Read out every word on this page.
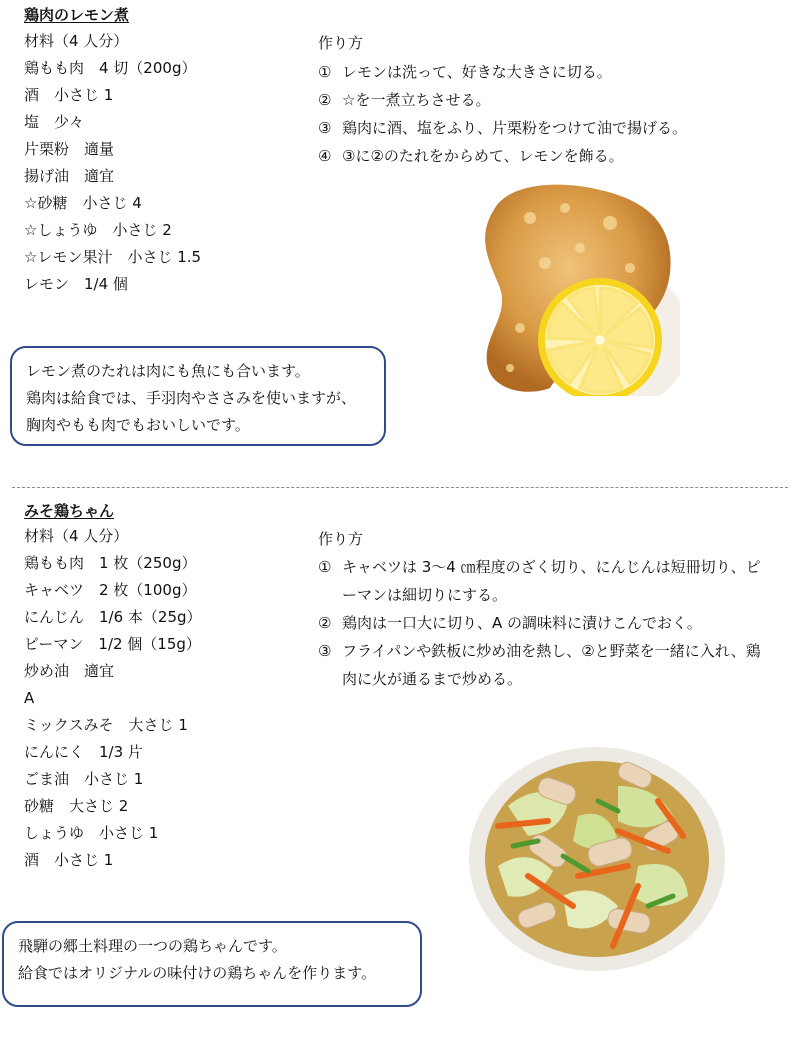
鶏肉のレモン煮
材料（4 人分）
鶏もも肉　4 切（200g）
酒　小さじ 1
塩　少々
片栗粉　適量
揚げ油　適宜
☆砂糖　小さじ 4
☆しょうゆ　小さじ 2
☆レモン果汁　小さじ 1.5
レモン　1/4 個
作り方
① レモンは洗って、好きな大きさに切る。
② ☆を一煮立ちさせる。
③ 鶏肉に酒、塩をふり、片栗粉をつけて油で揚げる。
④ ③に②のたれをからめて、レモンを飾る。
レモン煮のたれは肉にも魚にも合います。
鶏肉は給食では、手羽肉やささみを使いますが、
胸肉やもも肉でもおいしいです。
みそ鶏ちゃん
材料（4 人分）
鶏もも肉　1 枚（250g）
キャベツ　2 枚（100g）
にんじん　1/6 本（25g）
ピーマン　1/2 個（15g）
炒め油　適宜
A
ミックスみそ　大さじ 1
にんにく　1/3 片
ごま油　小さじ 1
砂糖　大さじ 2
しょうゆ　小さじ 1
酒　小さじ 1
作り方
① キャベツは 3～4 ㎝程度のざく切り、にんじんは短冊切り、ピーマンは細切りにする。
② 鶏肉は一口大に切り、A の調味料に漬けこんでおく。
③ フライパンや鉄板に炒め油を熱し、②と野菜を一緒に入れ、鶏肉に火が通るまで炒める。
飛騨の郷土料理の一つの鶏ちゃんです。
給食ではオリジナルの味付けの鶏ちゃんを作ります。
